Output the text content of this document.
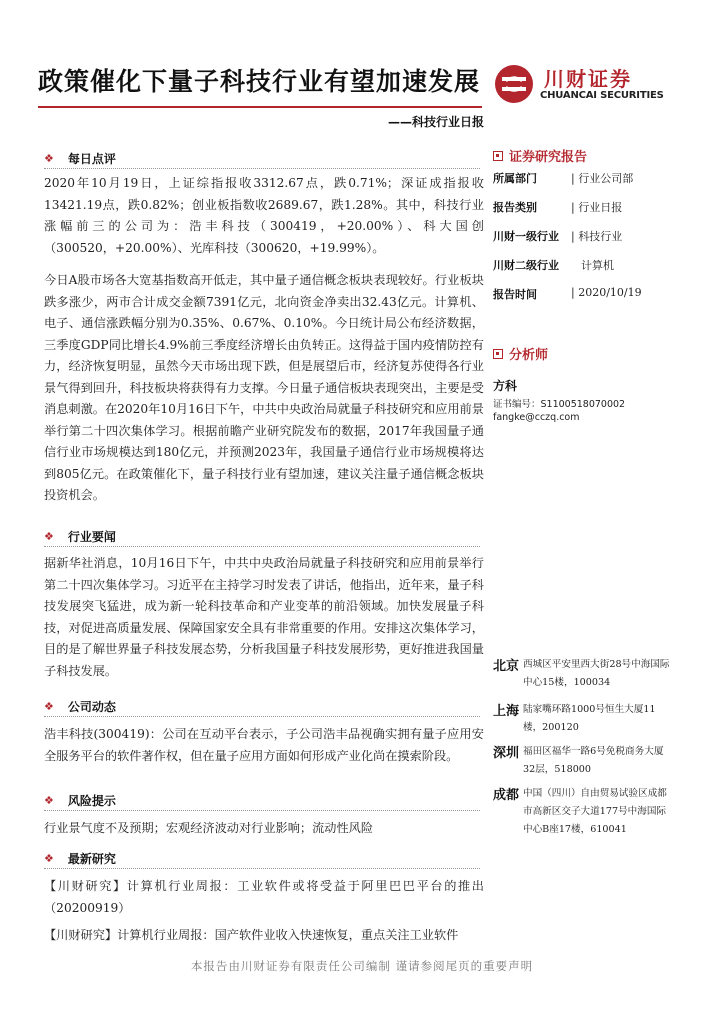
政策催化下量子科技行业有望加速发展
——科技行业日报
川财证券
CHUANCAI SECURITIES
❖ 每日点评
2020年10月19日，上证综指报收3312.67点，跌0.71%；深证成指报收13421.19点，跌0.82%；创业板指数收2689.67，跌1.28%。其中，科技行业涨幅前三的公司为：浩丰科技（300419，+20.00%）、科大国创（300520，+20.00%）、光库科技（300620，+19.99%）。
今日A股市场各大宽基指数高开低走，其中量子通信概念板块表现较好。行业板块跌多涨少，两市合计成交金额7391亿元，北向资金净卖出32.43亿元。计算机、电子、通信涨跌幅分别为0.35%、0.67%、0.10%。今日统计局公布经济数据，三季度GDP同比增长4.9%前三季度经济增长由负转正。这得益于国内疫情防控有力，经济恢复明显，虽然今天市场出现下跌，但是展望后市，经济复苏使得各行业景气得到回升，科技板块将获得有力支撑。今日量子通信板块表现突出，主要是受消息刺激。在2020年10月16日下午，中共中央政治局就量子科技研究和应用前景举行第二十四次集体学习。根据前瞻产业研究院发布的数据，2017年我国量子通信行业市场规模达到180亿元，并预测2023年，我国量子通信行业市场规模将达到805亿元。在政策催化下，量子科技行业有望加速，建议关注量子通信概念板块投资机会。
❖ 行业要闻
据新华社消息，10月16日下午，中共中央政治局就量子科技研究和应用前景举行第二十四次集体学习。习近平在主持学习时发表了讲话，他指出，近年来，量子科技发展突飞猛进，成为新一轮科技革命和产业变革的前沿领域。加快发展量子科技，对促进高质量发展、保障国家安全具有非常重要的作用。安排这次集体学习，目的是了解世界量子科技发展态势，分析我国量子科技发展形势，更好推进我国量子科技发展。
❖ 公司动态
浩丰科技(300419)：公司在互动平台表示，子公司浩丰品视确实拥有量子应用安全服务平台的软件著作权，但在量子应用方面如何形成产业化尚在摸索阶段。
❖ 风险提示
行业景气度不及预期；宏观经济波动对行业影响；流动性风险
❖ 最新研究
【川财研究】计算机行业周报：工业软件或将受益于阿里巴巴平台的推出（20200919）
【川财研究】计算机行业周报：国产软件业收入快速恢复，重点关注工业软件
证券研究报告
所属部门	| 行业公司部
报告类别	| 行业日报
川财一级行业 | 科技行业
川财二级行业 计算机
报告时间	| 2020/10/19
分析师
方科
证书编号：S1100518070002
fangke@cczq.com
北京 西城区平安里西大街28号中海国际中心15楼，100034
上海 陆家嘴环路1000号恒生大厦11楼，200120
深圳 福田区福华一路6号免税商务大厦32层，518000
成都 中国（四川）自由贸易试验区成都市高新区交子大道177号中海国际中心B座17楼，610041
本报告由川财证券有限责任公司编制 谨请参阅尾页的重要声明
